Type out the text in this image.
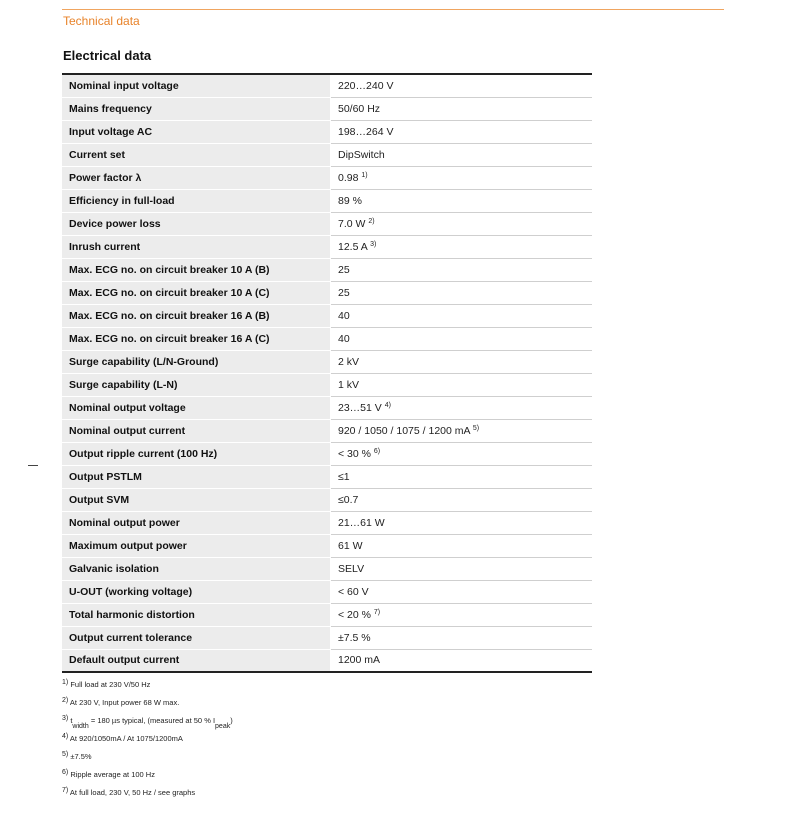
Technical data
Electrical data
Nominal input voltage	220…240 V
Mains frequency	50/60 Hz
Input voltage AC	198…264 V
Current set	DipSwitch
Power factor λ	0.98 $^{1)}$
Efficiency in full-load	89 %
Device power loss	7.0 W $^{2)}$
Inrush current	12.5 A $^{3)}$
Max. ECG no. on circuit breaker 10 A (B)	25
Max. ECG no. on circuit breaker 10 A (C)	25
Max. ECG no. on circuit breaker 16 A (B)	40
Max. ECG no. on circuit breaker 16 A (C)	40
Surge capability (L/N-Ground)	2 kV
Surge capability (L-N)	1 kV
Nominal output voltage	23…51 V $^{4)}$
Nominal output current	920 / 1050 / 1075 / 1200 mA $^{5)}$
Output ripple current (100 Hz)	< 30 % $^{6)}$
Output PSTLM	≤1
Output SVM	≤0.7
Nominal output power	21…61 W
Maximum output power	61 W
Galvanic isolation	SELV
U-OUT (working voltage)	< 60 V
Total harmonic distortion	< 20 % $^{7)}$
Output current tolerance	±7.5 %
Default output current	1200 mA
$^{1)}$ Full load at 230 V/50 Hz
$^{2)}$ At 230 V, Input power 68 W max.
$^{3)}$ $t_{width} = 180$ µs typical, (measured at 50 % $I_{peak}$)
$^{4)}$ At 920/1050mA / At 1075/1200mA
$^{5)}$ ±7.5%
$^{6)}$ Ripple average at 100 Hz
$^{7)}$ At full load, 230 V, 50 Hz / see graphs
